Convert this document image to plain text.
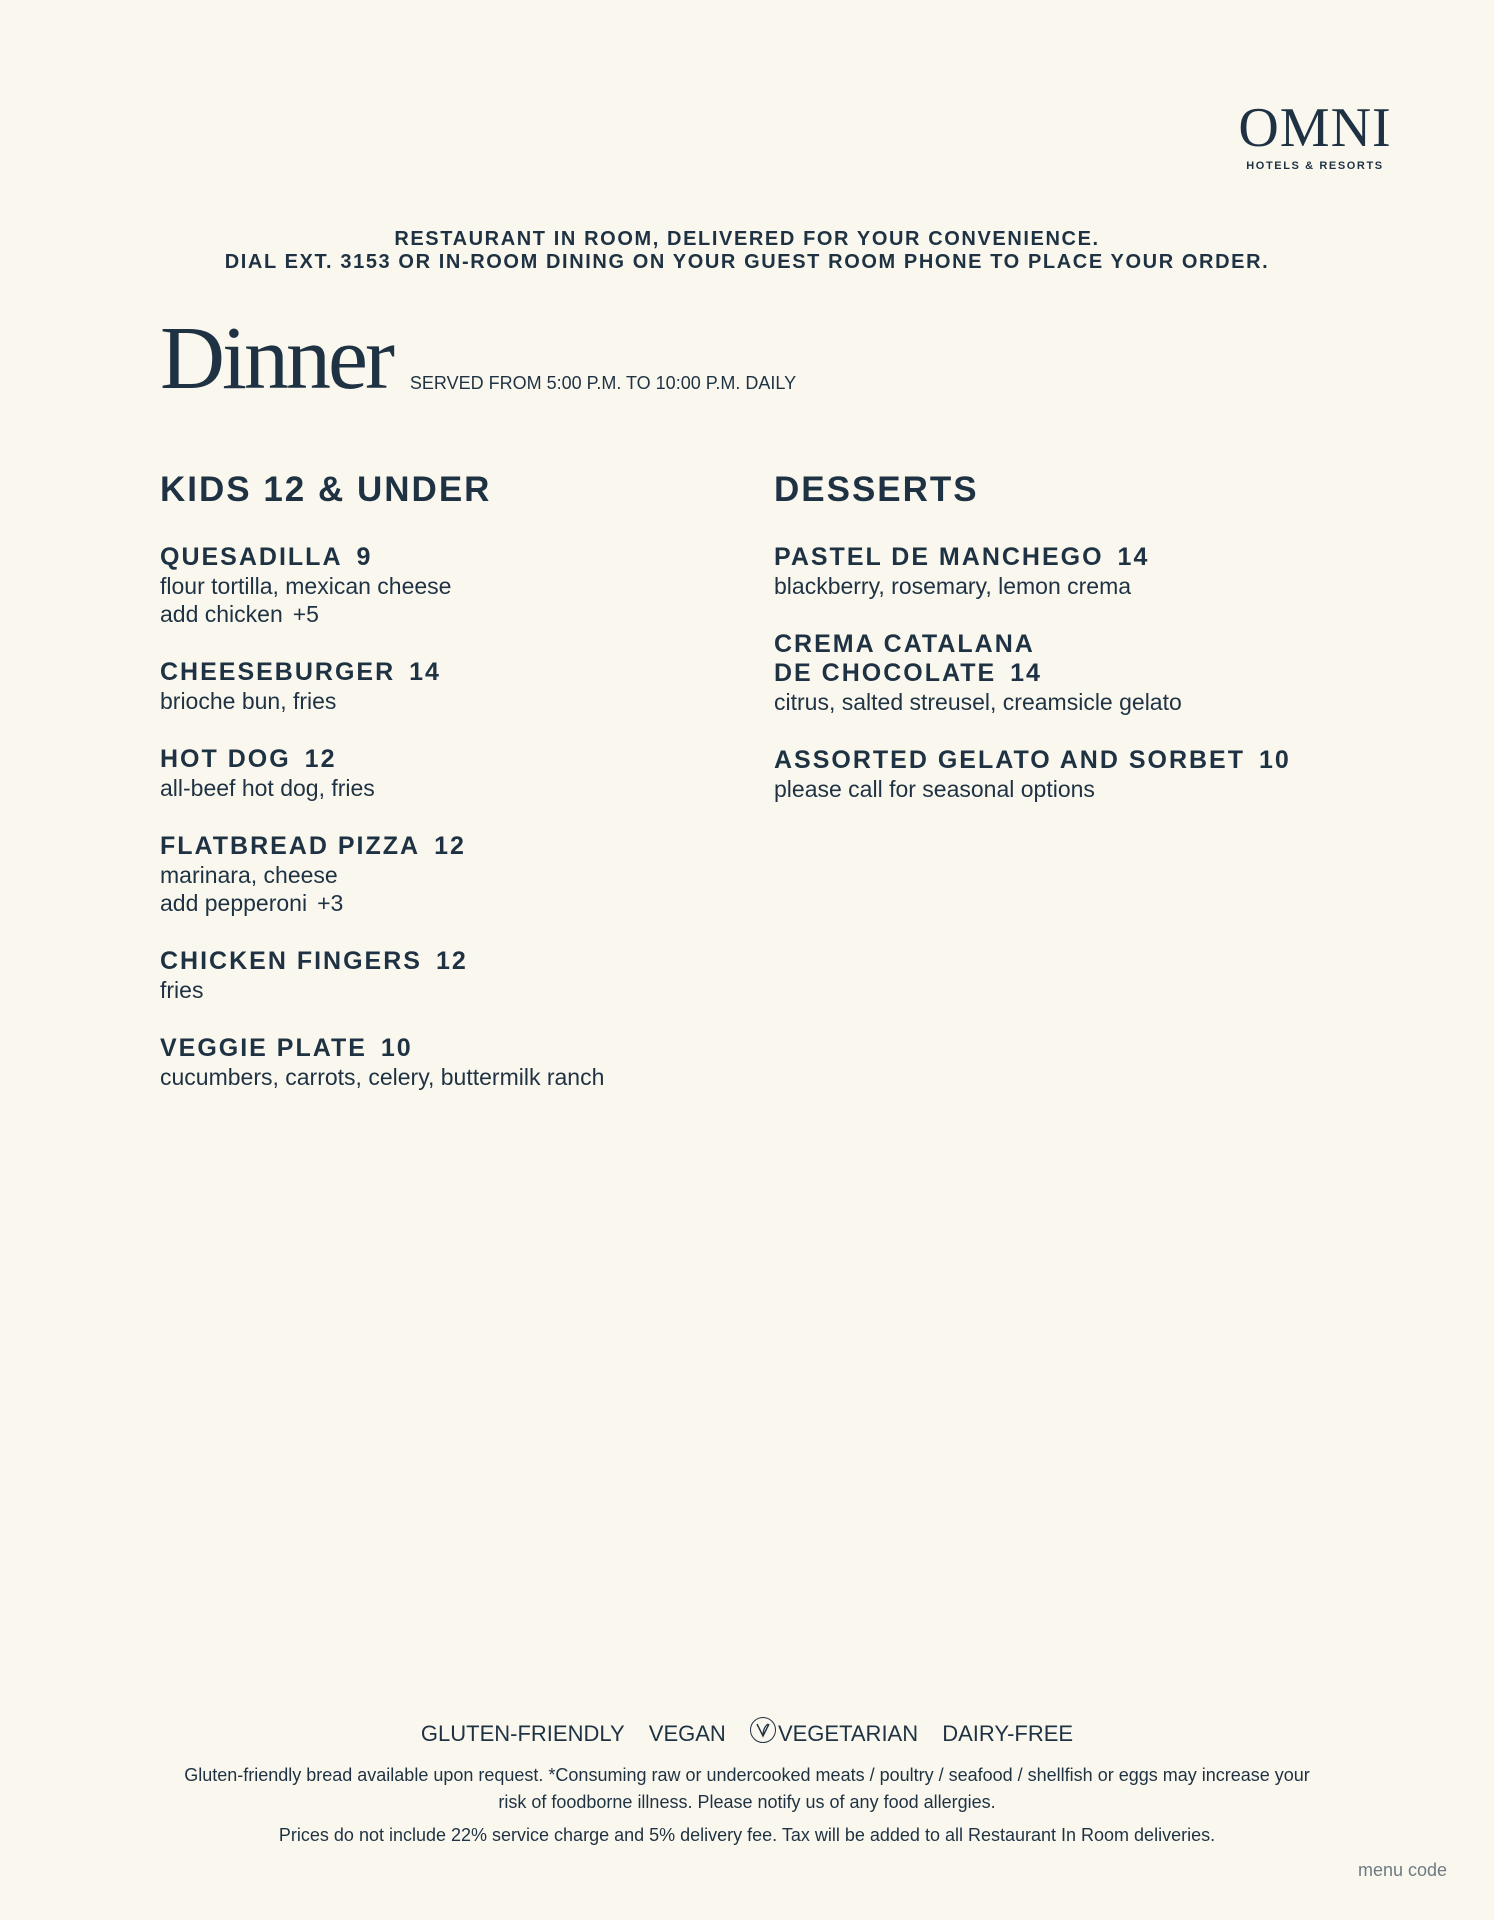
OMNI
HOTELS & RESORTS
RESTAURANT IN ROOM, DELIVERED FOR YOUR CONVENIENCE.
DIAL EXT. 3153 OR IN-ROOM DINING ON YOUR GUEST ROOM PHONE TO PLACE YOUR ORDER.
Dinner SERVED FROM 5:00 P.M. TO 10:00 P.M. DAILY
KIDS 12 & UNDER
QUESADILLA 9
flour tortilla, mexican cheese
add chicken +5
CHEESEBURGER 14
brioche bun, fries
HOT DOG 12
all-beef hot dog, fries
FLATBREAD PIZZA 12
marinara, cheese
add pepperoni +3
CHICKEN FINGERS 12
fries
VEGGIE PLATE 10
cucumbers, carrots, celery, buttermilk ranch
DESSERTS
PASTEL DE MANCHEGO 14
blackberry, rosemary, lemon crema
CREMA CATALANA
DE CHOCOLATE 14
citrus, salted streusel, creamsicle gelato
ASSORTED GELATO AND SORBET 10
please call for seasonal options
GLUTEN-FRIENDLY VEGAN VEGETARIAN DAIRY-FREE
Gluten-friendly bread available upon request. *Consuming raw or undercooked meats / poultry / seafood / shellfish or eggs may increase your
risk of foodborne illness. Please notify us of any food allergies.
Prices do not include 22% service charge and 5% delivery fee. Tax will be added to all Restaurant In Room deliveries.
menu code
